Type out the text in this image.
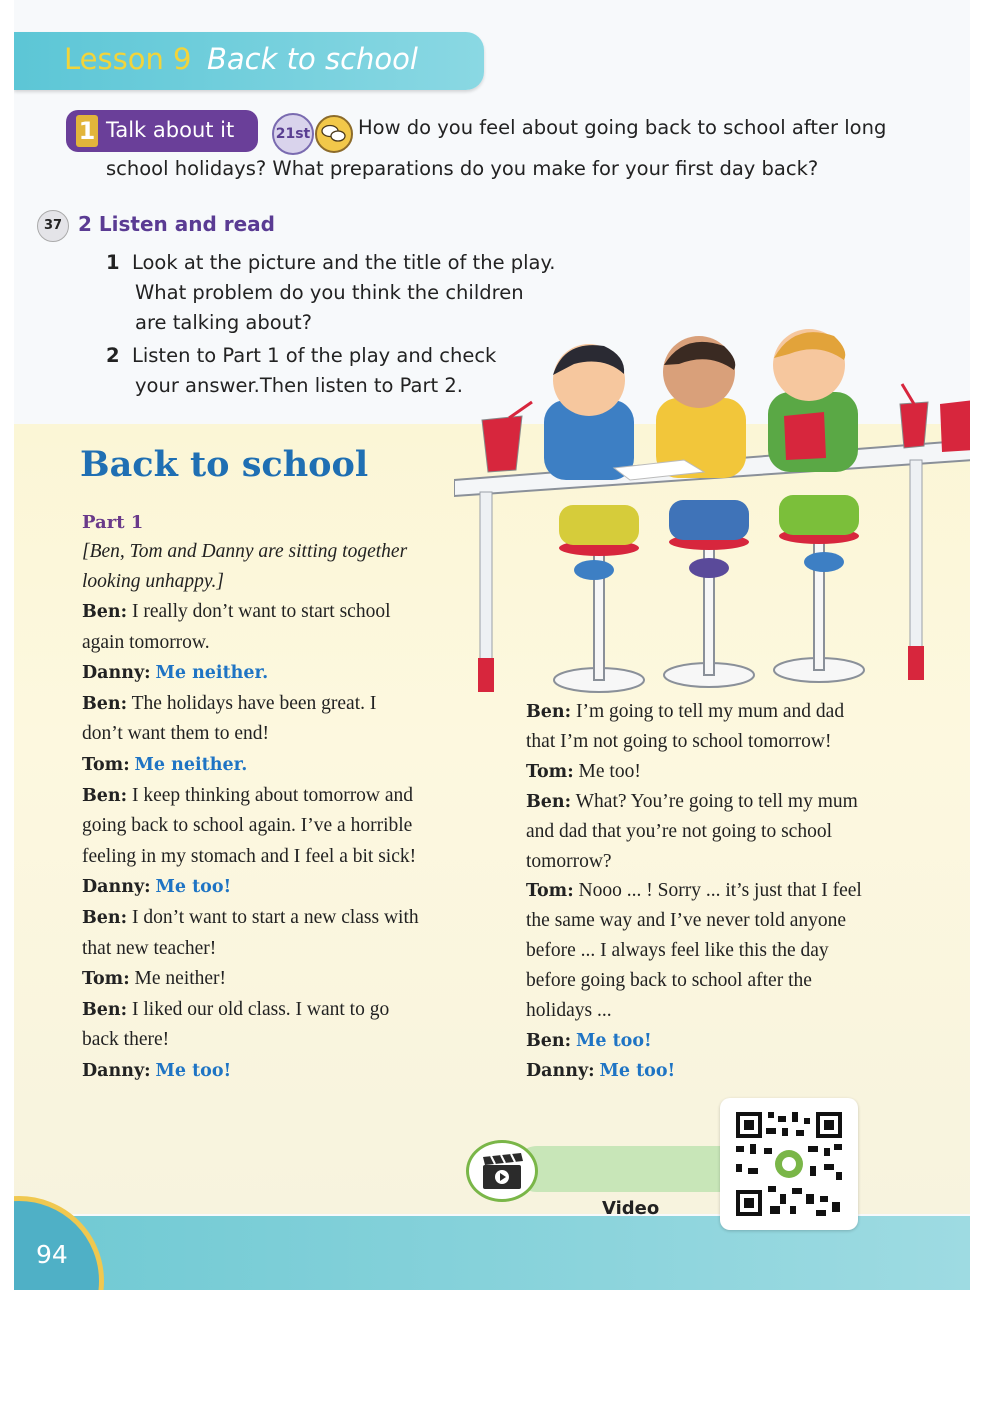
Lesson 9 Back to school
1 Talk about it	21st How do you feel about going back to school after long
school holidays? What preparations do you make for your first day back?
37 2 Listen and read
1 Look at the picture and the title of the play.
What problem do you think the children
are talking about?
2 Listen to Part 1 of the play and check
your answer.Then listen to Part 2.
Back to school
Part 1
[Ben, Tom and Danny are sitting together
looking unhappy.]
Ben: I really don’t want to start school
again tomorrow.
Danny: Me neither.
Ben: The holidays have been great. I
don’t want them to end!
Tom: Me neither.
Ben: I keep thinking about tomorrow and
going back to school again. I’ve a horrible
feeling in my stomach and I feel a bit sick!
Danny: Me too!
Ben: I don’t want to start a new class with
that new teacher!
Tom: Me neither!
Ben: I liked our old class. I want to go
back there!
Danny: Me too!
Ben: I’m going to tell my mum and dad
that I’m not going to school tomorrow!
Tom: Me too!
Ben: What? You’re going to tell my mum
and dad that you’re not going to school
tomorrow?
Tom: Nooo ... ! Sorry ... it’s just that I feel
the same way and I’ve never told anyone
before ... I always feel like this the day
before going back to school after the
holidays ...
Ben: Me too!
Danny: Me too!
94
Video
